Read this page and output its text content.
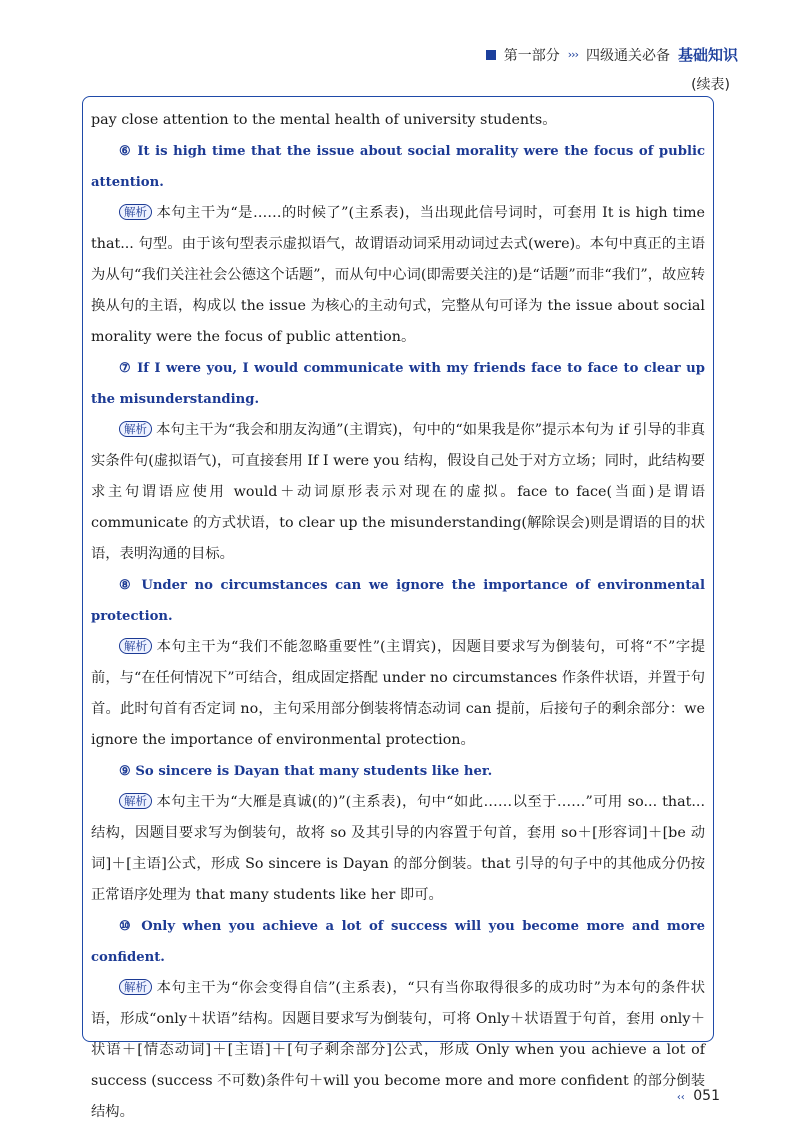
第一部分 ››› 四级通关必备 基础知识
(续表)

pay close attention to the mental health of university students。

⑥ It is high time that the issue about social morality were the focus of public attention.

解析 本句主干为“是……的时候了”(主系表)，当出现此信号词时，可套用 It is high time that... 句型。由于该句型表示虚拟语气，故谓语动词采用动词过去式(were)。本句中真正的主语为从句“我们关注社会公德这个话题”，而从句中心词(即需要关注的)是“话题”而非“我们”，故应转换从句的主语，构成以 the issue 为核心的主动句式，完整从句可译为 the issue about social morality were the focus of public attention。

⑦ If I were you, I would communicate with my friends face to face to clear up the misunderstanding.

解析 本句主干为“我会和朋友沟通”(主谓宾)，句中的“如果我是你”提示本句为 if 引导的非真实条件句(虚拟语气)，可直接套用 If I were you 结构，假设自己处于对方立场；同时，此结构要求主句谓语应使用 would＋动词原形表示对现在的虚拟。face to face(当面)是谓语 communicate 的方式状语，to clear up the misunderstanding(解除误会)则是谓语的目的状语，表明沟通的目标。

⑧ Under no circumstances can we ignore the importance of environmental protection.

解析 本句主干为“我们不能忽略重要性”(主谓宾)，因题目要求写为倒装句，可将“不”字提前，与“在任何情况下”可结合，组成固定搭配 under no circumstances 作条件状语，并置于句首。此时句首有否定词 no，主句采用部分倒装将情态动词 can 提前，后接句子的剩余部分：we ignore the importance of environmental protection。

⑨ So sincere is Dayan that many students like her.

解析 本句主干为“大雁是真诚(的)”(主系表)，句中“如此……以至于……”可用 so... that... 结构，因题目要求写为倒装句，故将 so 及其引导的内容置于句首，套用 so＋[形容词]＋[be 动词]＋[主语]公式，形成 So sincere is Dayan 的部分倒装。that 引导的句子中的其他成分仍按正常语序处理为 that many students like her 即可。

⑩ Only when you achieve a lot of success will you become more and more confident.

解析 本句主干为“你会变得自信”(主系表)，“只有当你取得很多的成功时”为本句的条件状语，形成“only＋状语”结构。因题目要求写为倒装句，可将 Only＋状语置于句首，套用 only＋状语＋[情态动词]＋[主语]＋[句子剩余部分]公式，形成 Only when you achieve a lot of success (success 不可数)条件句＋will you become more and more confident 的部分倒装结构。

‹‹ 051
